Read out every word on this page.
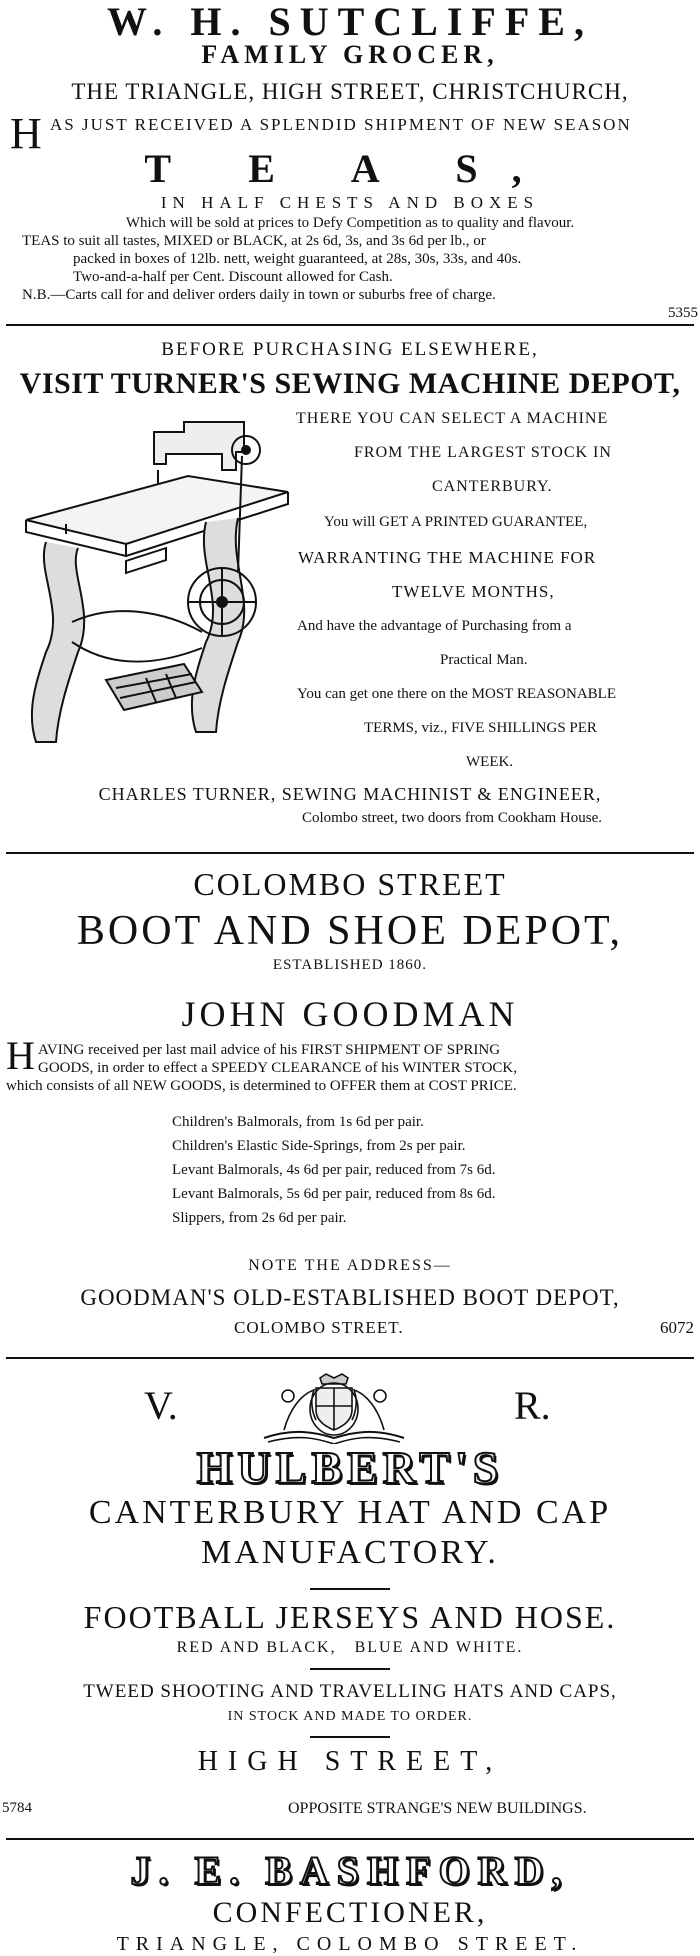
W. H. SUTCLIFFE,
FAMILY GROCER,
THE TRIANGLE, HIGH STREET, CHRISTCHURCH,
H AS JUST RECEIVED A SPLENDID SHIPMENT OF NEW SEASON
T E A S,
IN HALF CHESTS AND BOXES
Which will be sold at prices to Defy Competition as to quality and flavour.
TEAS to suit all tastes, MIXED or BLACK, at 2s 6d, 3s, and 3s 6d per lb., or
packed in boxes of 12lb. nett, weight guaranteed, at 28s, 30s, 33s, and 40s.
Two-and-a-half per Cent. Discount allowed for Cash.
N.B.—Carts call for and deliver orders daily in town or suburbs free of charge.
5355
BEFORE PURCHASING ELSEWHERE,
VISIT TURNER'S SEWING MACHINE DEPOT,
THERE YOU CAN SELECT A MACHINE
FROM THE LARGEST STOCK IN
CANTERBURY.
You will GET A PRINTED GUARANTEE,
WARRANTING THE MACHINE FOR
TWELVE MONTHS,
And have the advantage of Purchasing from a
Practical Man.
You can get one there on the MOST REASONABLE
TERMS, viz., FIVE SHILLINGS PER
WEEK.
CHARLES TURNER, SEWING MACHINIST & ENGINEER,
Colombo street, two doors from Cookham House.
COLOMBO STREET
BOOT AND SHOE DEPOT,
ESTABLISHED 1860.
JOHN GOODMAN
H AVING received per last mail advice of his FIRST SHIPMENT OF SPRING
GOODS, in order to effect a SPEEDY CLEARANCE of his WINTER STOCK,
which consists of all NEW GOODS, is determined to OFFER them at COST PRICE.
Children's Balmorals, from 1s 6d per pair.
Children's Elastic Side-Springs, from 2s per pair.
Levant Balmorals, 4s 6d per pair, reduced from 7s 6d.
Levant Balmorals, 5s 6d per pair, reduced from 8s 6d.
Slippers, from 2s 6d per pair.
NOTE THE ADDRESS—
GOODMAN'S OLD-ESTABLISHED BOOT DEPOT,
COLOMBO STREET.	6072
V.	R.
HULBERT'S
CANTERBURY HAT AND CAP
MANUFACTORY.
FOOTBALL JERSEYS AND HOSE.
RED AND BLACK,   BLUE AND WHITE.
TWEED SHOOTING AND TRAVELLING HATS AND CAPS,
IN STOCK AND MADE TO ORDER.
HIGH STREET,
5784	OPPOSITE STRANGE'S NEW BUILDINGS.
J. E. BASHFORD,
CONFECTIONER,
TRIANGLE, COLOMBO STREET.
